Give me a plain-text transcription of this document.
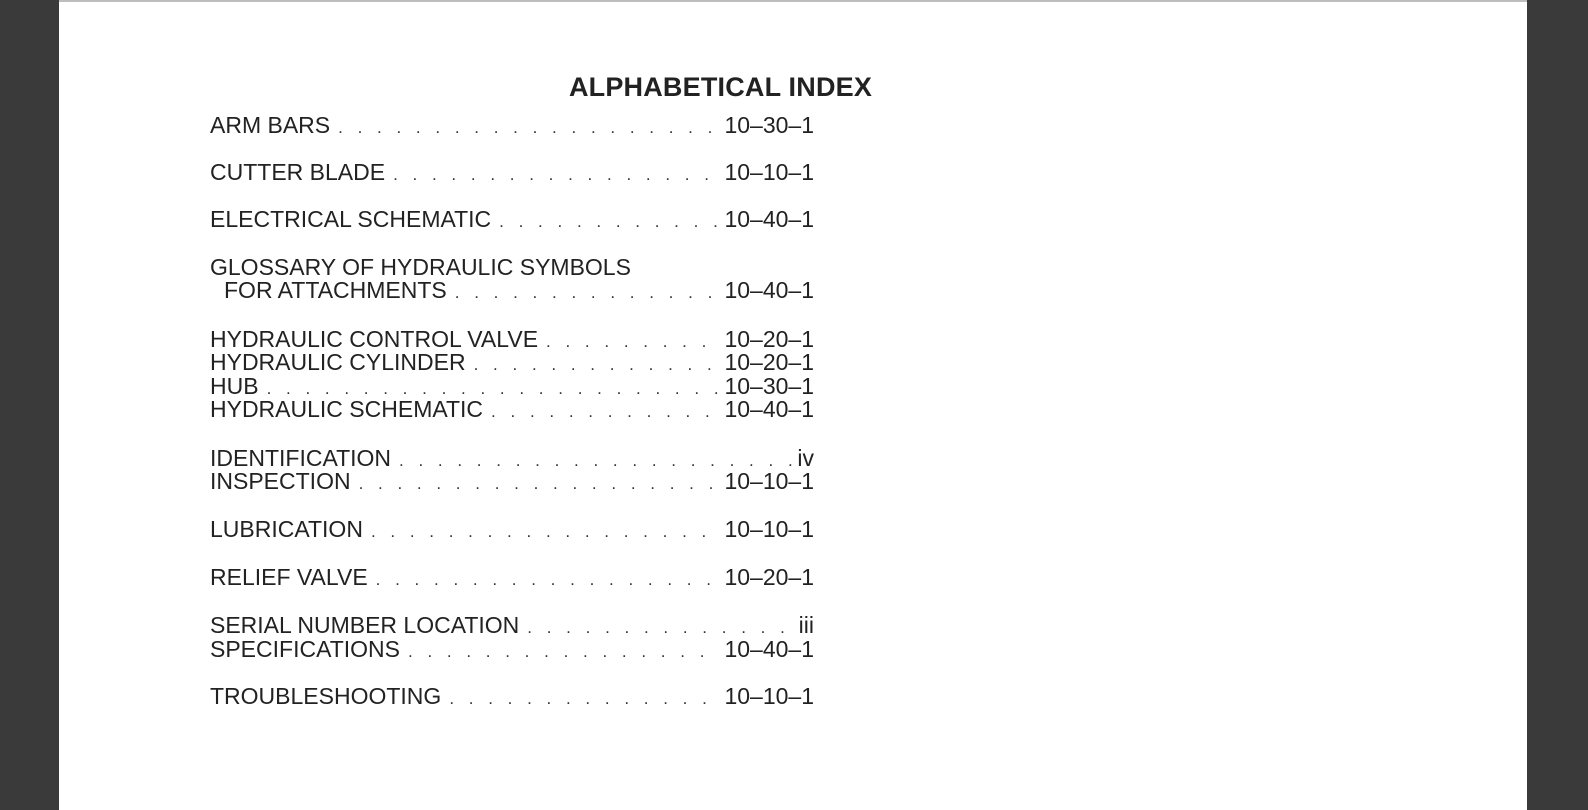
ALPHABETICAL INDEX
ARM BARS . . .	10–30–1
CUTTER BLADE . . .	10–10–1
ELECTRICAL SCHEMATIC . . .	10–40–1
GLOSSARY OF HYDRAULIC SYMBOLS
FOR ATTACHMENTS . . .	10–40–1
HYDRAULIC CONTROL VALVE . . .	10–20–1
HYDRAULIC CYLINDER . . .	10–20–1
HUB . . .	10–30–1
HYDRAULIC SCHEMATIC . . .	10–40–1
IDENTIFICATION . . .	iv
INSPECTION . . .	10–10–1
LUBRICATION . . .	10–10–1
RELIEF VALVE . . .	10–20–1
SERIAL NUMBER LOCATION . . .	iii
SPECIFICATIONS . . .	10–40–1
TROUBLESHOOTING . . .	10–10–1
